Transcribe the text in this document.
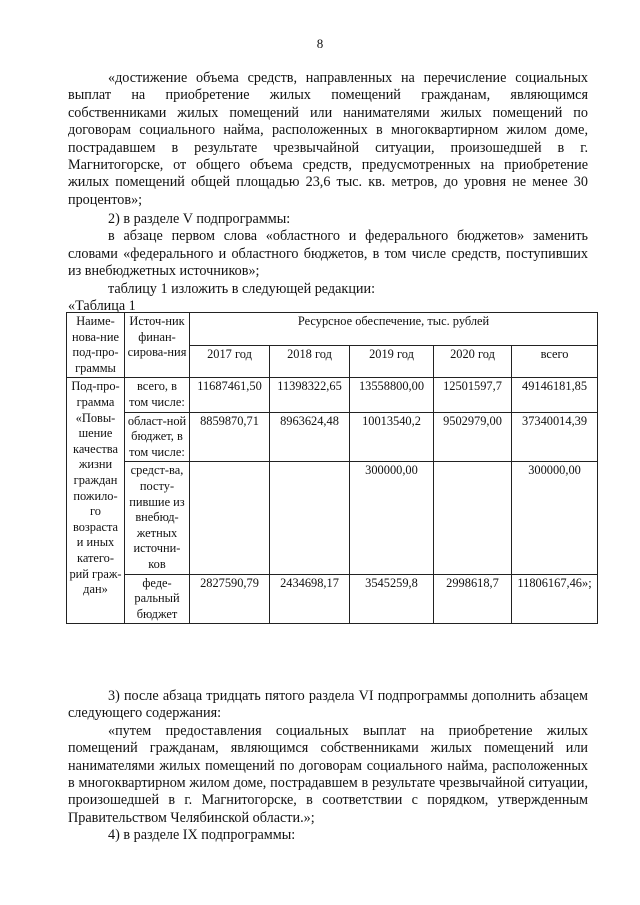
8

«достижение объема средств, направленных на перечисление социальных выплат на приобретение жилых помещений гражданам, являющимся собственниками жилых помещений или нанимателями жилых помещений по договорам социального найма, расположенных в многоквартирном жилом доме, пострадавшем в результате чрезвычайной ситуации, произошедшей в г. Магнитогорске, от общего объема средств, предусмотренных на приобретение жилых помещений общей площадью 23,6 тыс. кв. метров, до уровня не менее 30 процентов»;

2) в разделе V подпрограммы:

в абзаце первом слова «областного и федерального бюджетов» заменить словами «федерального и областного бюджетов, в том числе средств, поступивших из внебюджетных источников»;

таблицу 1 изложить в следующей редакции:

«Таблица 1

Наиме-нова-ние под-про-граммы	Источ-ник финан-сирова-ния	Ресурсное обеспечение, тыс. рублей				
		2017 год	2018 год	2019 год	2020 год	всего
Под-про-грамма «Повы-шение качества жизни граждан пожило-го возраста и иных катего-рий граж-дан»	всего, в том числе:	11687461,50	11398322,65	13558800,00	12501597,7	49146181,85
	област-ной бюджет, в том числе:	8859870,71	8963624,48	10013540,2	9502979,00	37340014,39
	средст-ва, посту-пившие из внебюд-жетных источни-ков			300000,00		300000,00
	феде-ральный бюджет	2827590,79	2434698,17	3545259,8	2998618,7	11806167,46»;

3) после абзаца тридцать пятого раздела VI подпрограммы дополнить абзацем следующего содержания:

«путем предоставления социальных выплат на приобретение жилых помещений гражданам, являющимся собственниками жилых помещений или нанимателями жилых помещений по договорам социального найма, расположенных в многоквартирном жилом доме, пострадавшем в результате чрезвычайной ситуации, произошедшей в г. Магнитогорске, в соответствии с порядком, утвержденным Правительством Челябинской области.»;

4) в разделе IX подпрограммы:
